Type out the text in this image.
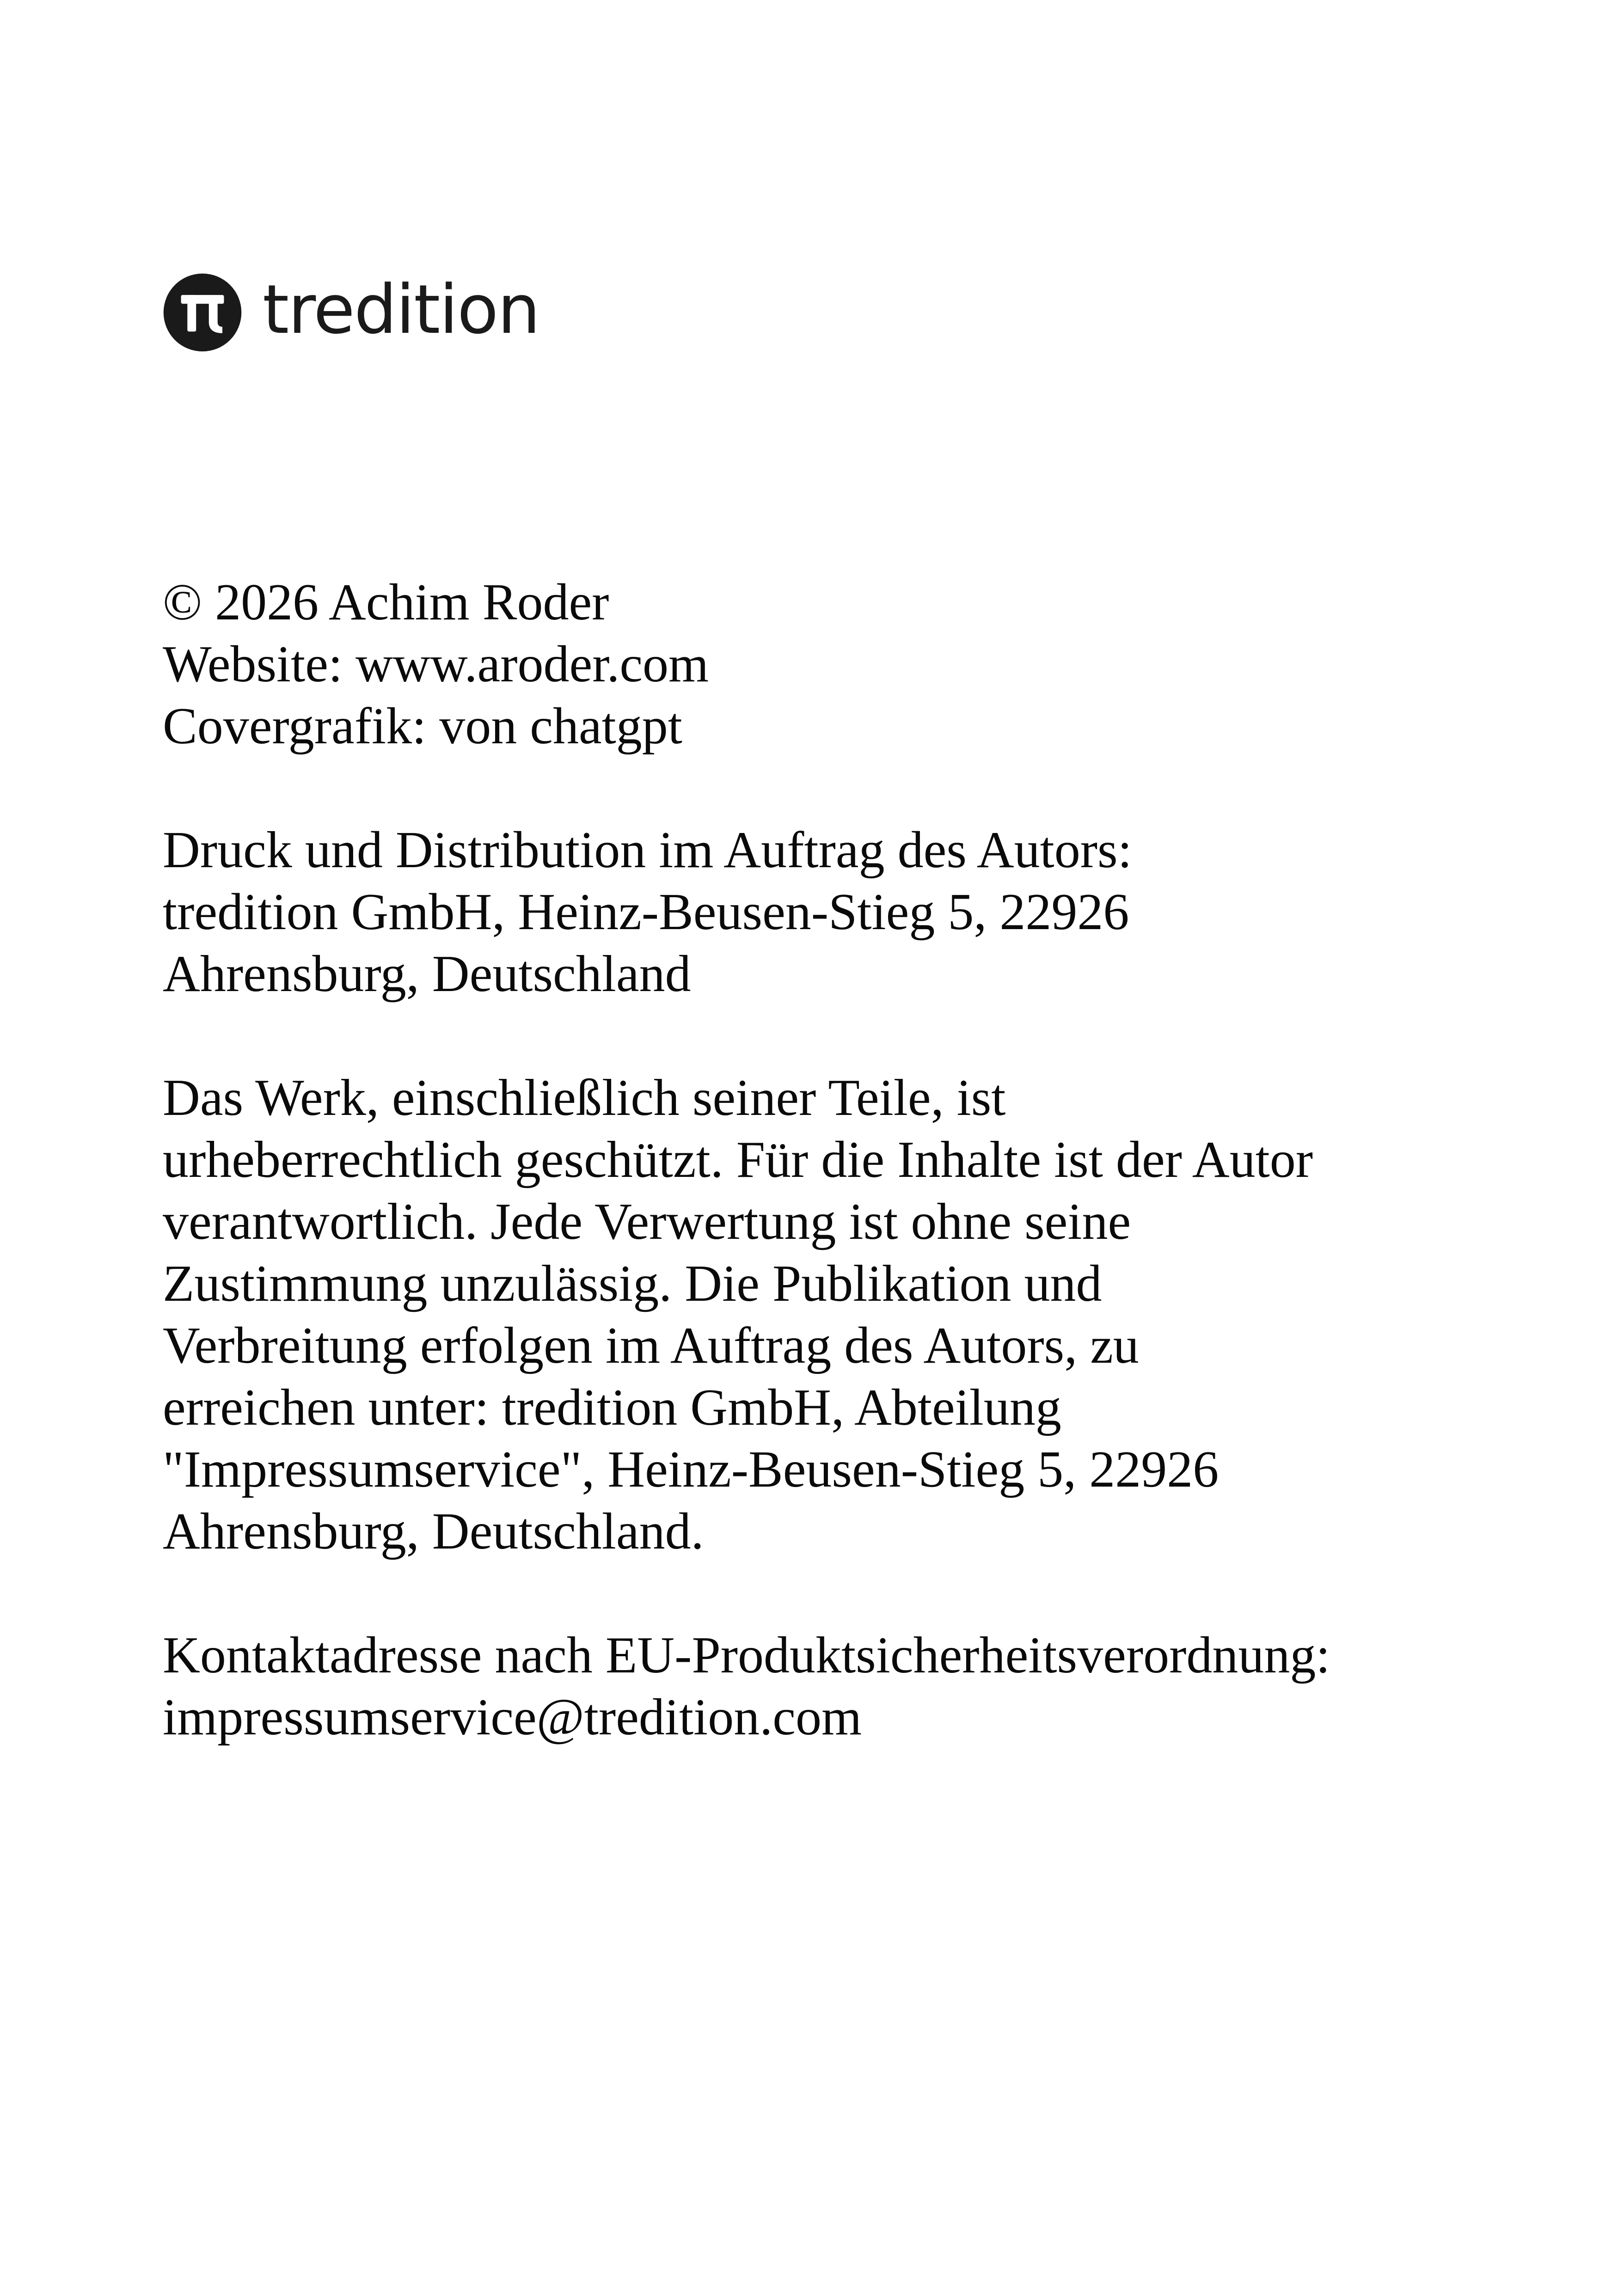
tredition
© 2026 Achim Roder
Website: www.aroder.com
Covergrafik: von chatgpt
Druck und Distribution im Auftrag des Autors:
tredition GmbH, Heinz-Beusen-Stieg 5, 22926
Ahrensburg, Deutschland
Das Werk, einschließlich seiner Teile, ist
urheberrechtlich geschützt. Für die Inhalte ist der Autor
verantwortlich. Jede Verwertung ist ohne seine
Zustimmung unzulässig. Die Publikation und
Verbreitung erfolgen im Auftrag des Autors, zu
erreichen unter: tredition GmbH, Abteilung
"Impressumservice", Heinz-Beusen-Stieg 5, 22926
Ahrensburg, Deutschland.
Kontaktadresse nach EU-Produktsicherheitsverordnung:
impressumservice@tredition.com
